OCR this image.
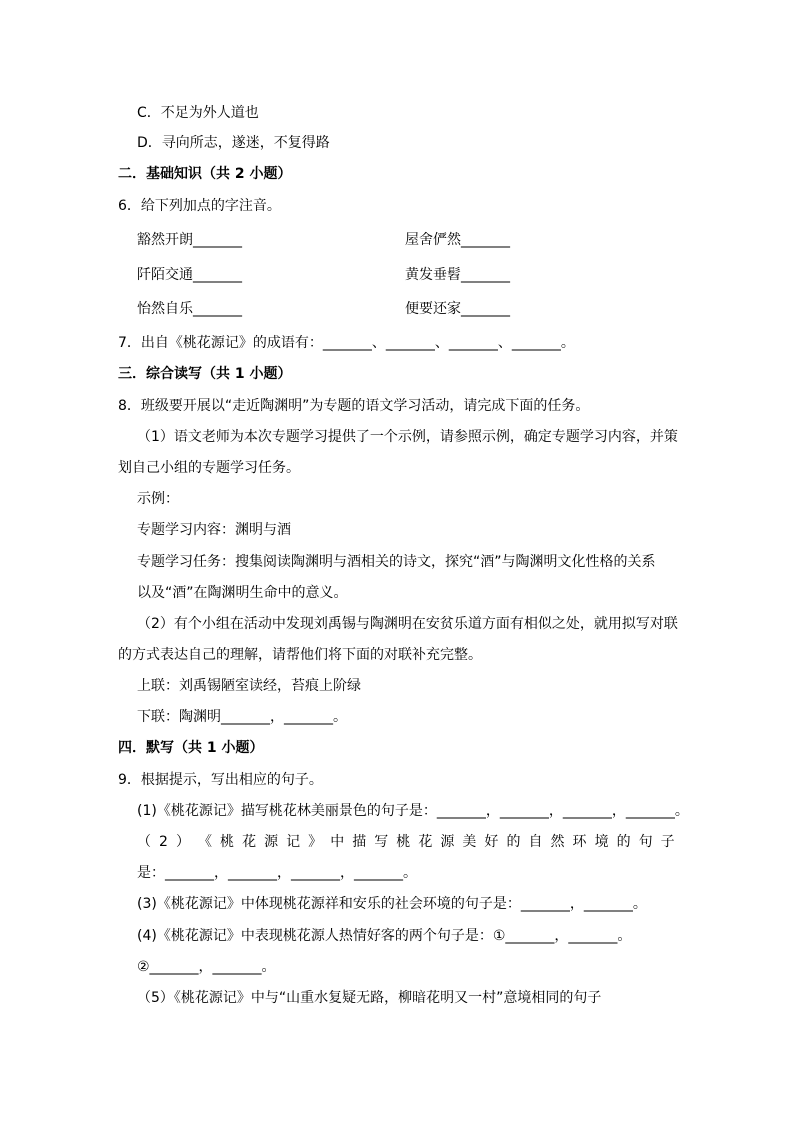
C．不足为外人道也
D．寻向所志，遂迷，不复得路
二．基础知识（共 2 小题）
6．给下列加点的字注音。
豁然开朗_______	屋舍俨然_______
阡陌交通_______	黄发垂髫_______
怡然自乐_______	便要还家_______
7．出自《桃花源记》的成语有：_______、_______、_______、_______。
三．综合读写（共 1 小题）
8．班级要开展以“走近陶渊明”为专题的语文学习活动，请完成下面的任务。
（1）语文老师为本次专题学习提供了一个示例，请参照示例，确定专题学习内容，并策
划自己小组的专题学习任务。
示例：
专题学习内容：渊明与酒
专题学习任务：搜集阅读陶渊明与酒相关的诗文，探究“酒”与陶渊明文化性格的关系
以及“酒”在陶渊明生命中的意义。
（2）有个小组在活动中发现刘禹锡与陶渊明在安贫乐道方面有相似之处，就用拟写对联
的方式表达自己的理解，请帮他们将下面的对联补充完整。
上联：刘禹锡陋室读经，苔痕上阶绿
下联：陶渊明_______，_______。
四．默写（共 1 小题）
9．根据提示，写出相应的句子。
(1)《桃花源记》描写桃花林美丽景色的句子是：_______，_______，_______，_______。
（ 2 ） 《 桃 花 源 记 》 中 描 写 桃 花 源 美 好 的 自 然 环 境 的 句 子
是：_______，_______，_______，_______。
(3)《桃花源记》中体现桃花源祥和安乐的社会环境的句子是：_______，_______。
(4)《桃花源记》中表现桃花源人热情好客的两个句子是：①_______，_______。
②_______，_______。
（5）《桃花源记》中与“山重水复疑无路，柳暗花明又一村”意境相同的句子
